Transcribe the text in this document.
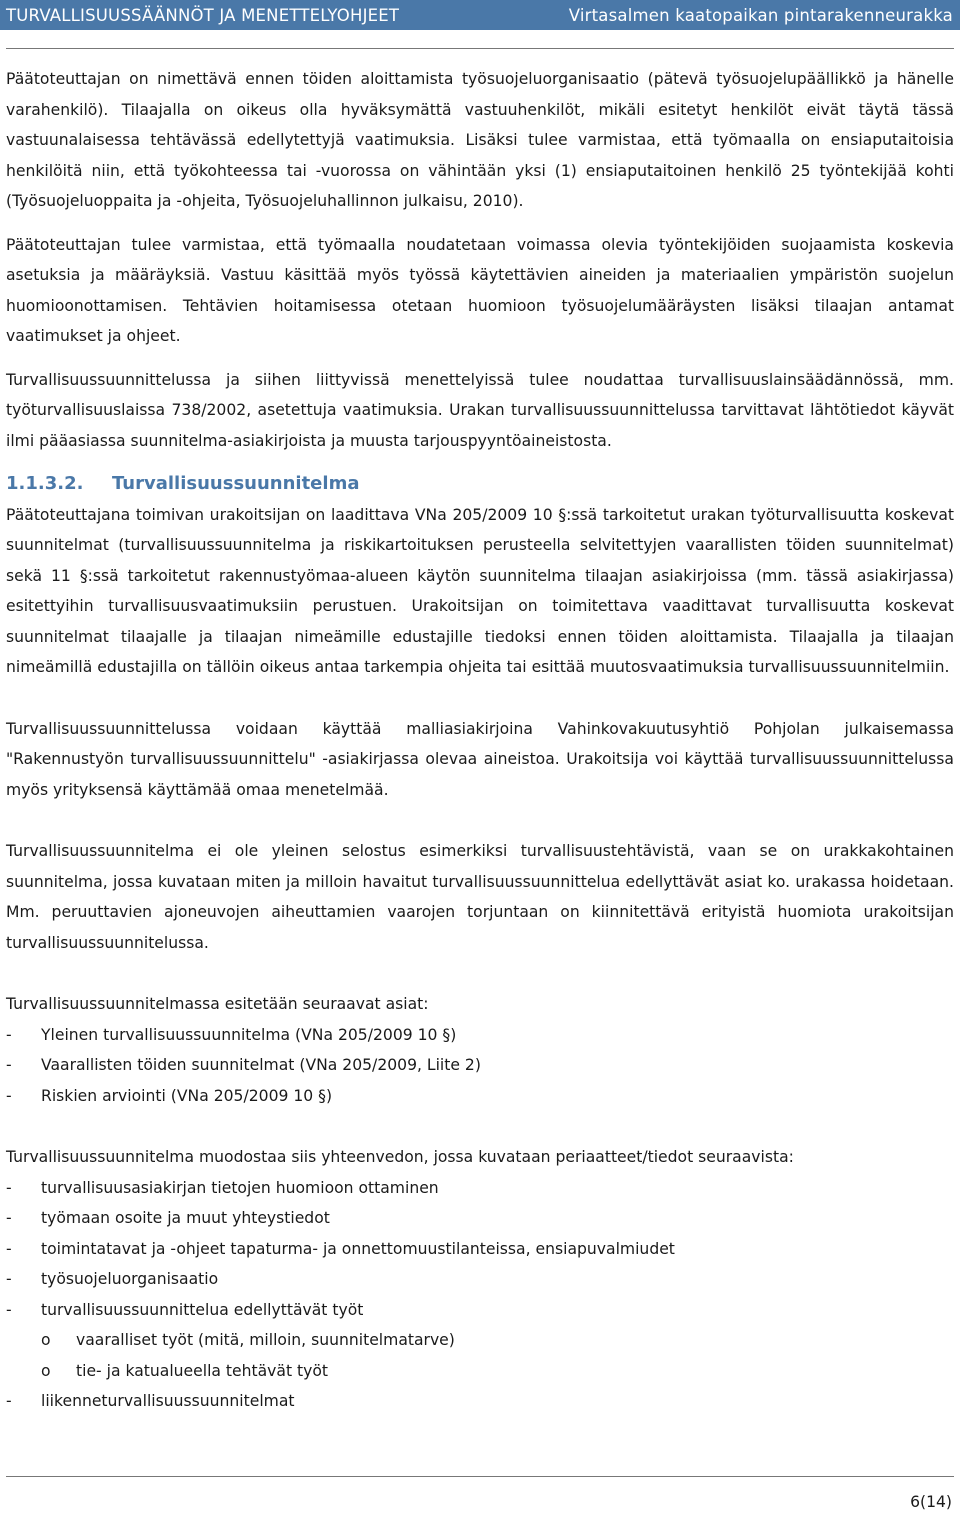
TURVALLISUUSSÄÄNNÖT JA MENETTELYOHJEET	Virtasalmen kaatopaikan pintarakenneurakka

Päätoteuttajan on nimettävä ennen töiden aloittamista työsuojeluorganisaatio (pätevä työsuojelupäällikkö ja hänelle varahenkilö). Tilaajalla on oikeus olla hyväksymättä vastuuhenkilöt, mikäli esitetyt henkilöt eivät täytä tässä vastuunalaisessa tehtävässä edellytettyjä vaatimuksia. Lisäksi tulee varmistaa, että työmaalla on ensiaputaitoisia henkilöitä niin, että työkohteessa tai -vuorossa on vähintään yksi (1) ensiaputaitoinen henkilö 25 työntekijää kohti (Työsuojeluoppaita ja -ohjeita, Työsuojeluhallinnon julkaisu, 2010).

Päätoteuttajan tulee varmistaa, että työmaalla noudatetaan voimassa olevia työntekijöiden suojaamista koskevia asetuksia ja määräyksiä. Vastuu käsittää myös työssä käytettävien aineiden ja materiaalien ympäristön suojelun huomioonottamisen. Tehtävien hoitamisessa otetaan huomioon työsuojelumääräysten lisäksi tilaajan antamat vaatimukset ja ohjeet.

Turvallisuussuunnittelussa ja siihen liittyvissä menettelyissä tulee noudattaa turvallisuuslainsäädännössä, mm. työturvallisuuslaissa 738/2002, asetettuja vaatimuksia. Urakan turvallisuussuunnittelussa tarvittavat lähtötiedot käyvät ilmi pääasiassa suunnitelma-asiakirjoista ja muusta tarjouspyyntöaineistosta.

1.1.3.2. Turvallisuussuunnitelma

Päätoteuttajana toimivan urakoitsijan on laadittava VNa 205/2009 10 §:ssä tarkoitetut urakan työturvallisuutta koskevat suunnitelmat (turvallisuussuunnitelma ja riskikartoituksen perusteella selvitettyjen vaarallisten töiden suunnitelmat) sekä 11 §:ssä tarkoitetut rakennustyömaa-alueen käytön suunnitelma tilaajan asiakirjoissa (mm. tässä asiakirjassa) esitettyihin turvallisuusvaatimuksiin perustuen. Urakoitsijan on toimitettava vaadittavat turvallisuutta koskevat suunnitelmat tilaajalle ja tilaajan nimeämille edustajille tiedoksi ennen töiden aloittamista. Tilaajalla ja tilaajan nimeämillä edustajilla on tällöin oikeus antaa tarkempia ohjeita tai esittää muutosvaatimuksia turvallisuussuunnitelmiin.

Turvallisuussuunnittelussa voidaan käyttää malliasiakirjoina Vahinkovakuutusyhtiö Pohjolan julkaisemassa "Rakennustyön turvallisuussuunnittelu" -asiakirjassa olevaa aineistoa. Urakoitsija voi käyttää turvallisuussuunnittelussa myös yrityksensä käyttämää omaa menetelmää.

Turvallisuussuunnitelma ei ole yleinen selostus esimerkiksi turvallisuustehtävistä, vaan se on urakkakohtainen suunnitelma, jossa kuvataan miten ja milloin havaitut turvallisuussuunnittelua edellyttävät asiat ko. urakassa hoidetaan. Mm. peruuttavien ajoneuvojen aiheuttamien vaarojen torjuntaan on kiinnitettävä erityistä huomiota urakoitsijan turvallisuussuunnitelussa.

Turvallisuussuunnitelmassa esitetään seuraavat asiat:

- Yleinen turvallisuussuunnitelma (VNa 205/2009 10 §)
- Vaarallisten töiden suunnitelmat (VNa 205/2009, Liite 2)
- Riskien arviointi (VNa 205/2009 10 §)

Turvallisuussuunnitelma muodostaa siis yhteenvedon, jossa kuvataan periaatteet/tiedot seuraavista:

- turvallisuusasiakirjan tietojen huomioon ottaminen
- työmaan osoite ja muut yhteystiedot
- toimintatavat ja -ohjeet tapaturma- ja onnettomuustilanteissa, ensiapuvalmiudet
- työsuojeluorganisaatio
- turvallisuussuunnittelua edellyttävät työt
o vaaralliset työt (mitä, milloin, suunnitelmatarve)
o tie- ja katualueella tehtävät työt
- liikenneturvallisuussuunnitelmat
6(14)
